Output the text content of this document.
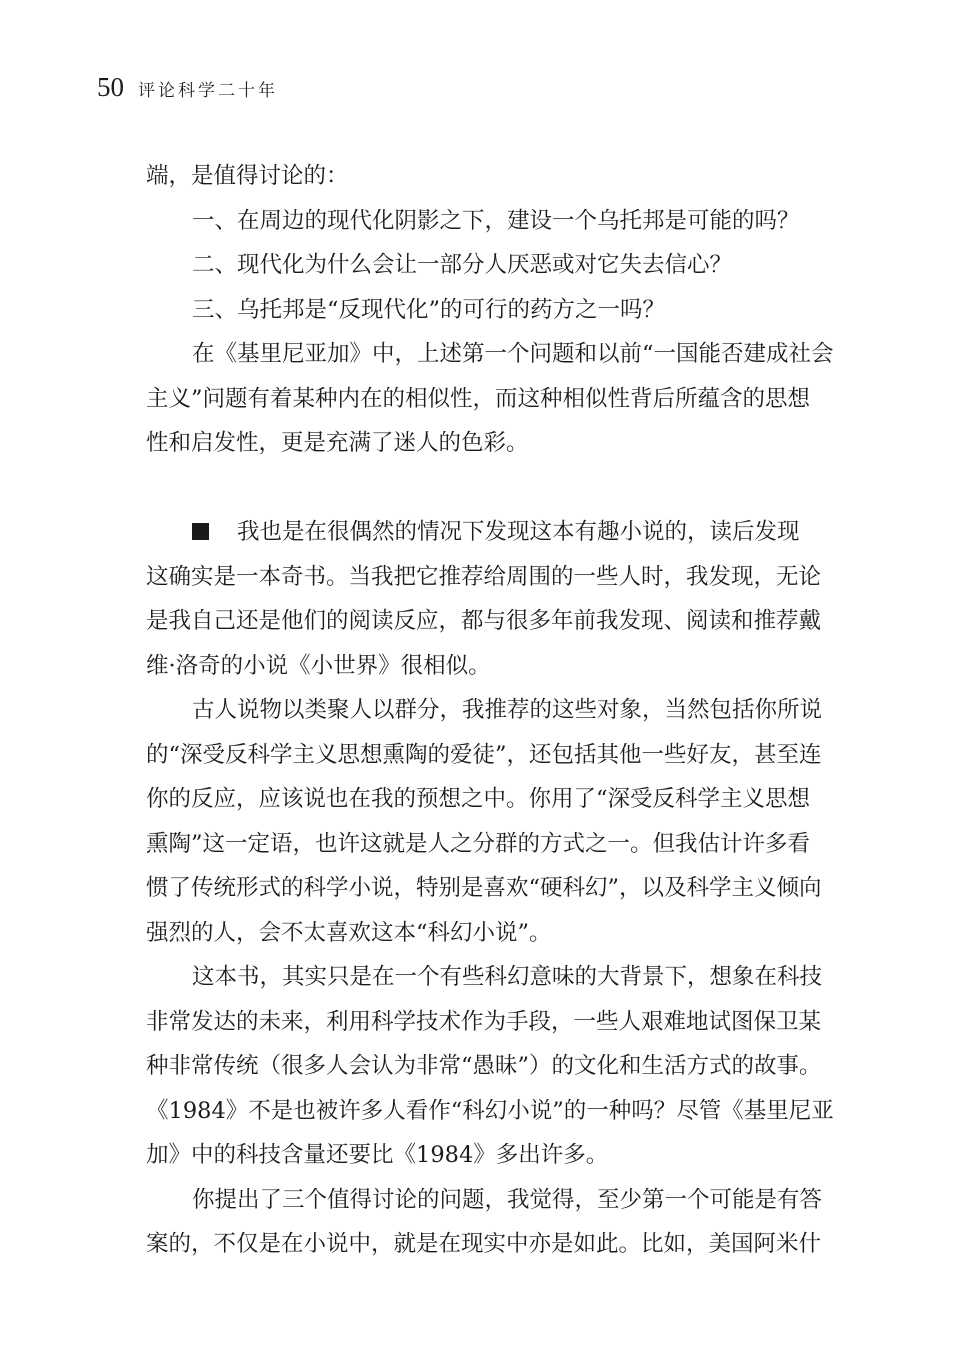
50 评论科学二十年
端，是值得讨论的：
一、在周边的现代化阴影之下，建设一个乌托邦是可能的吗？
二、现代化为什么会让一部分人厌恶或对它失去信心？
三、乌托邦是“反现代化”的可行的药方之一吗？
在《基里尼亚加》中，上述第一个问题和以前“一国能否建成社会
主义”问题有着某种内在的相似性，而这种相似性背后所蕴含的思想
性和启发性，更是充满了迷人的色彩。
我也是在很偶然的情况下发现这本有趣小说的，读后发现
这确实是一本奇书。当我把它推荐给周围的一些人时，我发现，无论
是我自己还是他们的阅读反应，都与很多年前我发现、阅读和推荐戴
维·洛奇的小说《小世界》很相似。
古人说物以类聚人以群分，我推荐的这些对象，当然包括你所说
的“深受反科学主义思想熏陶的爱徒”，还包括其他一些好友，甚至连
你的反应，应该说也在我的预想之中。你用了“深受反科学主义思想
熏陶”这一定语，也许这就是人之分群的方式之一。但我估计许多看
惯了传统形式的科学小说，特别是喜欢“硬科幻”，以及科学主义倾向
强烈的人，会不太喜欢这本“科幻小说”。
这本书，其实只是在一个有些科幻意味的大背景下，想象在科技
非常发达的未来，利用科学技术作为手段，一些人艰难地试图保卫某
种非常传统（很多人会认为非常“愚昧”）的文化和生活方式的故事。
《1984》不是也被许多人看作“科幻小说”的一种吗？尽管《基里尼亚
加》中的科技含量还要比《1984》多出许多。
你提出了三个值得讨论的问题，我觉得，至少第一个可能是有答
案的，不仅是在小说中，就是在现实中亦是如此。比如，美国阿米什
